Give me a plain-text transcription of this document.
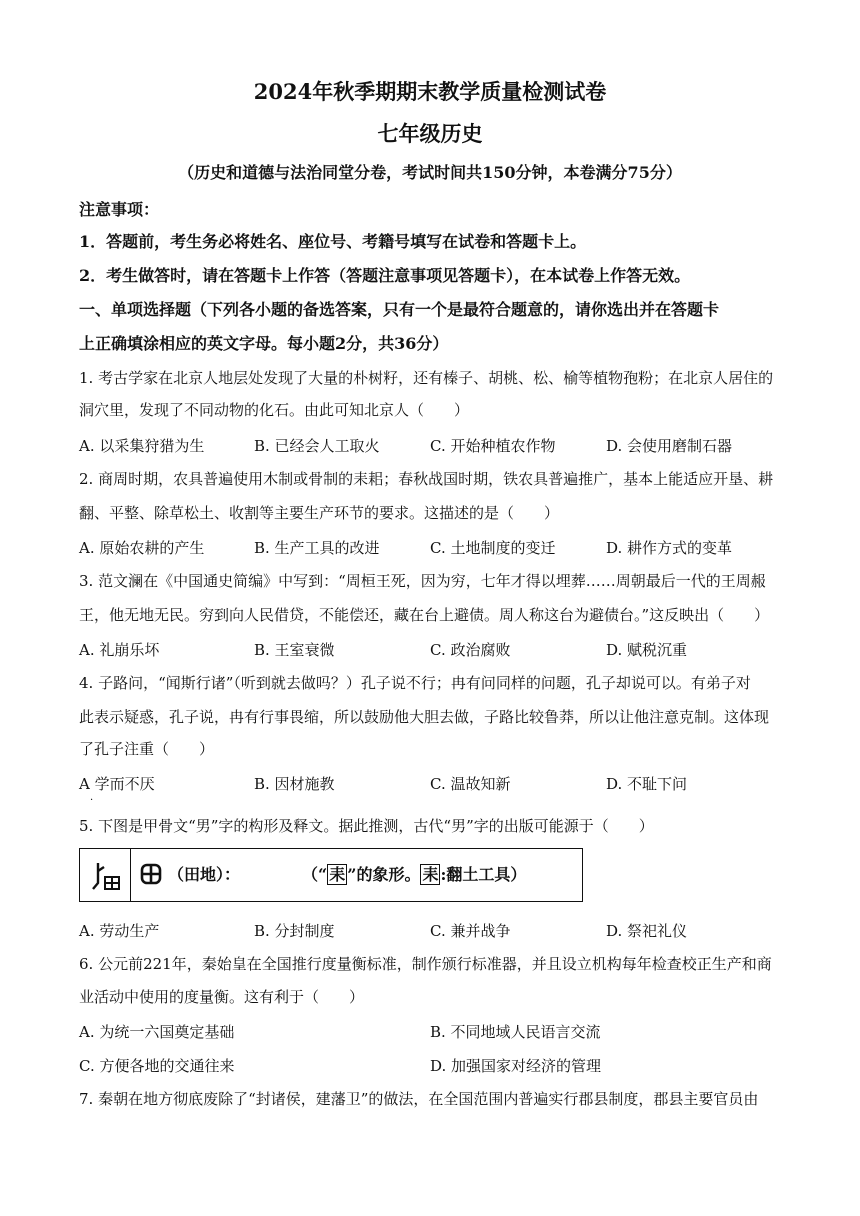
2024年秋季期期末教学质量检测试卷
七年级历史
（历史和道德与法治同堂分卷，考试时间共150分钟，本卷满分75分）
注意事项：
1．答题前，考生务必将姓名、座位号、考籍号填写在试卷和答题卡上。
2．考生做答时，请在答题卡上作答（答题注意事项见答题卡），在本试卷上作答无效。
一、单项选择题（下列各小题的备选答案，只有一个是最符合题意的，请你选出并在答题卡
上正确填涂相应的英文字母。每小题2分，共36分）
1. 考古学家在北京人地层处发现了大量的朴树籽，还有榛子、胡桃、松、榆等植物孢粉；在北京人居住的
洞穴里，发现了不同动物的化石。由此可知北京人（　　）
A. 以采集狩猎为生	B. 已经会人工取火	C. 开始种植农作物	D. 会使用磨制石器
2. 商周时期，农具普遍使用木制或骨制的耒耜；春秋战国时期，铁农具普遍推广，基本上能适应开垦、耕
翻、平整、除草松土、收割等主要生产环节的要求。这描述的是（　　）
A. 原始农耕的产生	B. 生产工具的改进	C. 土地制度的变迁	D. 耕作方式的变革
3. 范文澜在《中国通史简编》中写到：“周桓王死，因为穷，七年才得以埋葬……周朝最后一代的王周赧
王，他无地无民。穷到向人民借贷，不能偿还，藏在台上避债。周人称这台为避债台。”这反映出（　　）
A. 礼崩乐坏	B. 王室衰微	C. 政治腐败	D. 赋税沉重
4. 子路问，“闻斯行诸”（听到就去做吗？）孔子说不行；冉有问同样的问题，孔子却说可以。有弟子对
此表示疑惑，孔子说，冉有行事畏缩，所以鼓励他大胆去做，子路比较鲁莽，所以让他注意克制。这体现
了孔子注重（　　）
A 学而不厌
·
B. 因材施教	C. 温故知新	D. 不耻下问
5. 下图是甲骨文“男”字的构形及释文。据此推测，古代“男”字的出版可能源于（　　）
（田地）：	（“ 耒 ”的象形。 耒 :翻土工具）
A. 劳动生产	B. 分封制度	C. 兼并战争	D. 祭祀礼仪
6. 公元前221年，秦始皇在全国推行度量衡标准，制作颁行标准器，并且设立机构每年检查校正生产和商
业活动中使用的度量衡。这有利于（　　）
A. 为统一六国奠定基础	B. 不同地域人民语言交流
C. 方便各地的交通往来	D. 加强国家对经济的管理
7. 秦朝在地方彻底废除了“封诸侯，建藩卫”的做法，在全国范围内普遍实行郡县制度，郡县主要官员由
